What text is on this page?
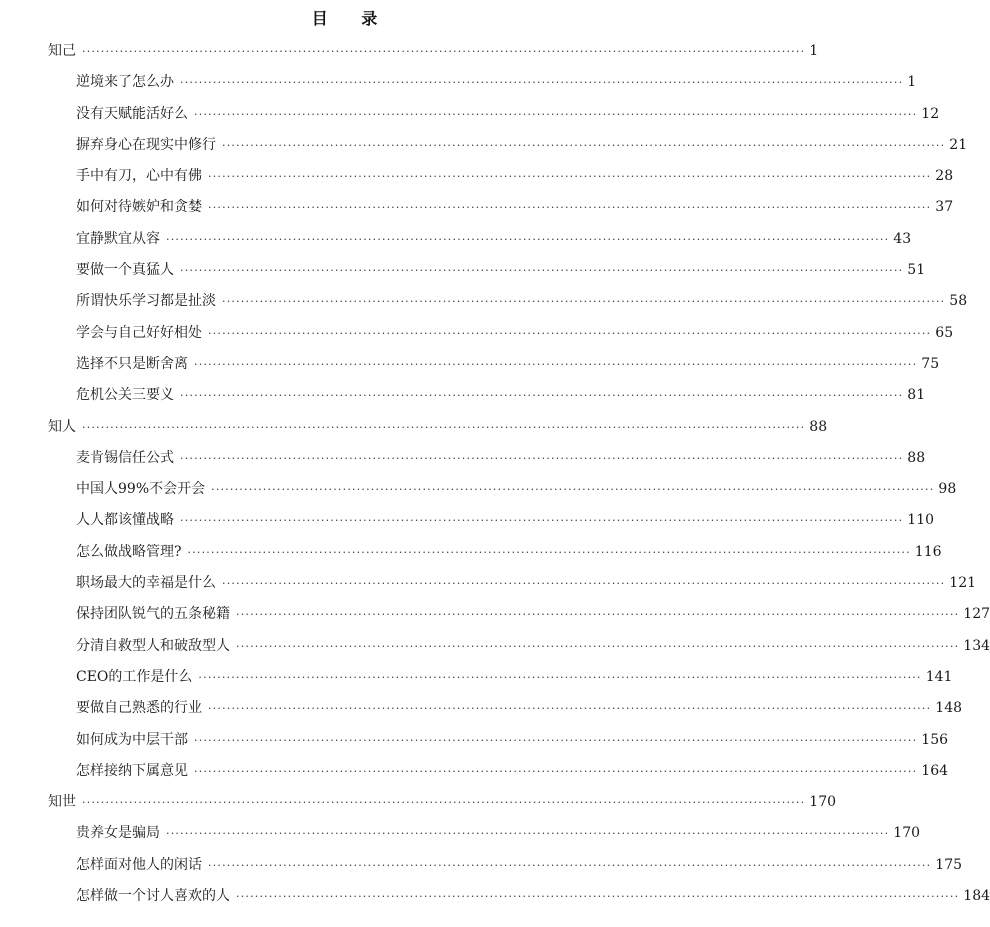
目 录
知己 ·························································································································································· 1
逆境来了怎么办 ·························································································································································· 1
没有天赋能活好么 ·························································································································································· 12
摒弃身心在现实中修行 ·························································································································································· 21
手中有刀，心中有佛 ·························································································································································· 28
如何对待嫉妒和贪婪 ·························································································································································· 37
宜静默宜从容 ·························································································································································· 43
要做一个真猛人 ·························································································································································· 51
所谓快乐学习都是扯淡 ·························································································································································· 58
学会与自己好好相处 ·························································································································································· 65
选择不只是断舍离 ·························································································································································· 75
危机公关三要义 ·························································································································································· 81
知人 ·························································································································································· 88
麦肯锡信任公式 ·························································································································································· 88
中国人99%不会开会 ·························································································································································· 98
人人都该懂战略 ·························································································································································· 110
怎么做战略管理? ·························································································································································· 116
职场最大的幸福是什么 ·························································································································································· 121
保持团队锐气的五条秘籍 ·························································································································································· 127
分清自救型人和破敌型人 ·························································································································································· 134
CEO的工作是什么 ·························································································································································· 141
要做自己熟悉的行业 ·························································································································································· 148
如何成为中层干部 ·························································································································································· 156
怎样接纳下属意见 ·························································································································································· 164
知世 ·························································································································································· 170
贵养女是骗局 ·························································································································································· 170
怎样面对他人的闲话 ·························································································································································· 175
怎样做一个讨人喜欢的人 ·························································································································································· 184
